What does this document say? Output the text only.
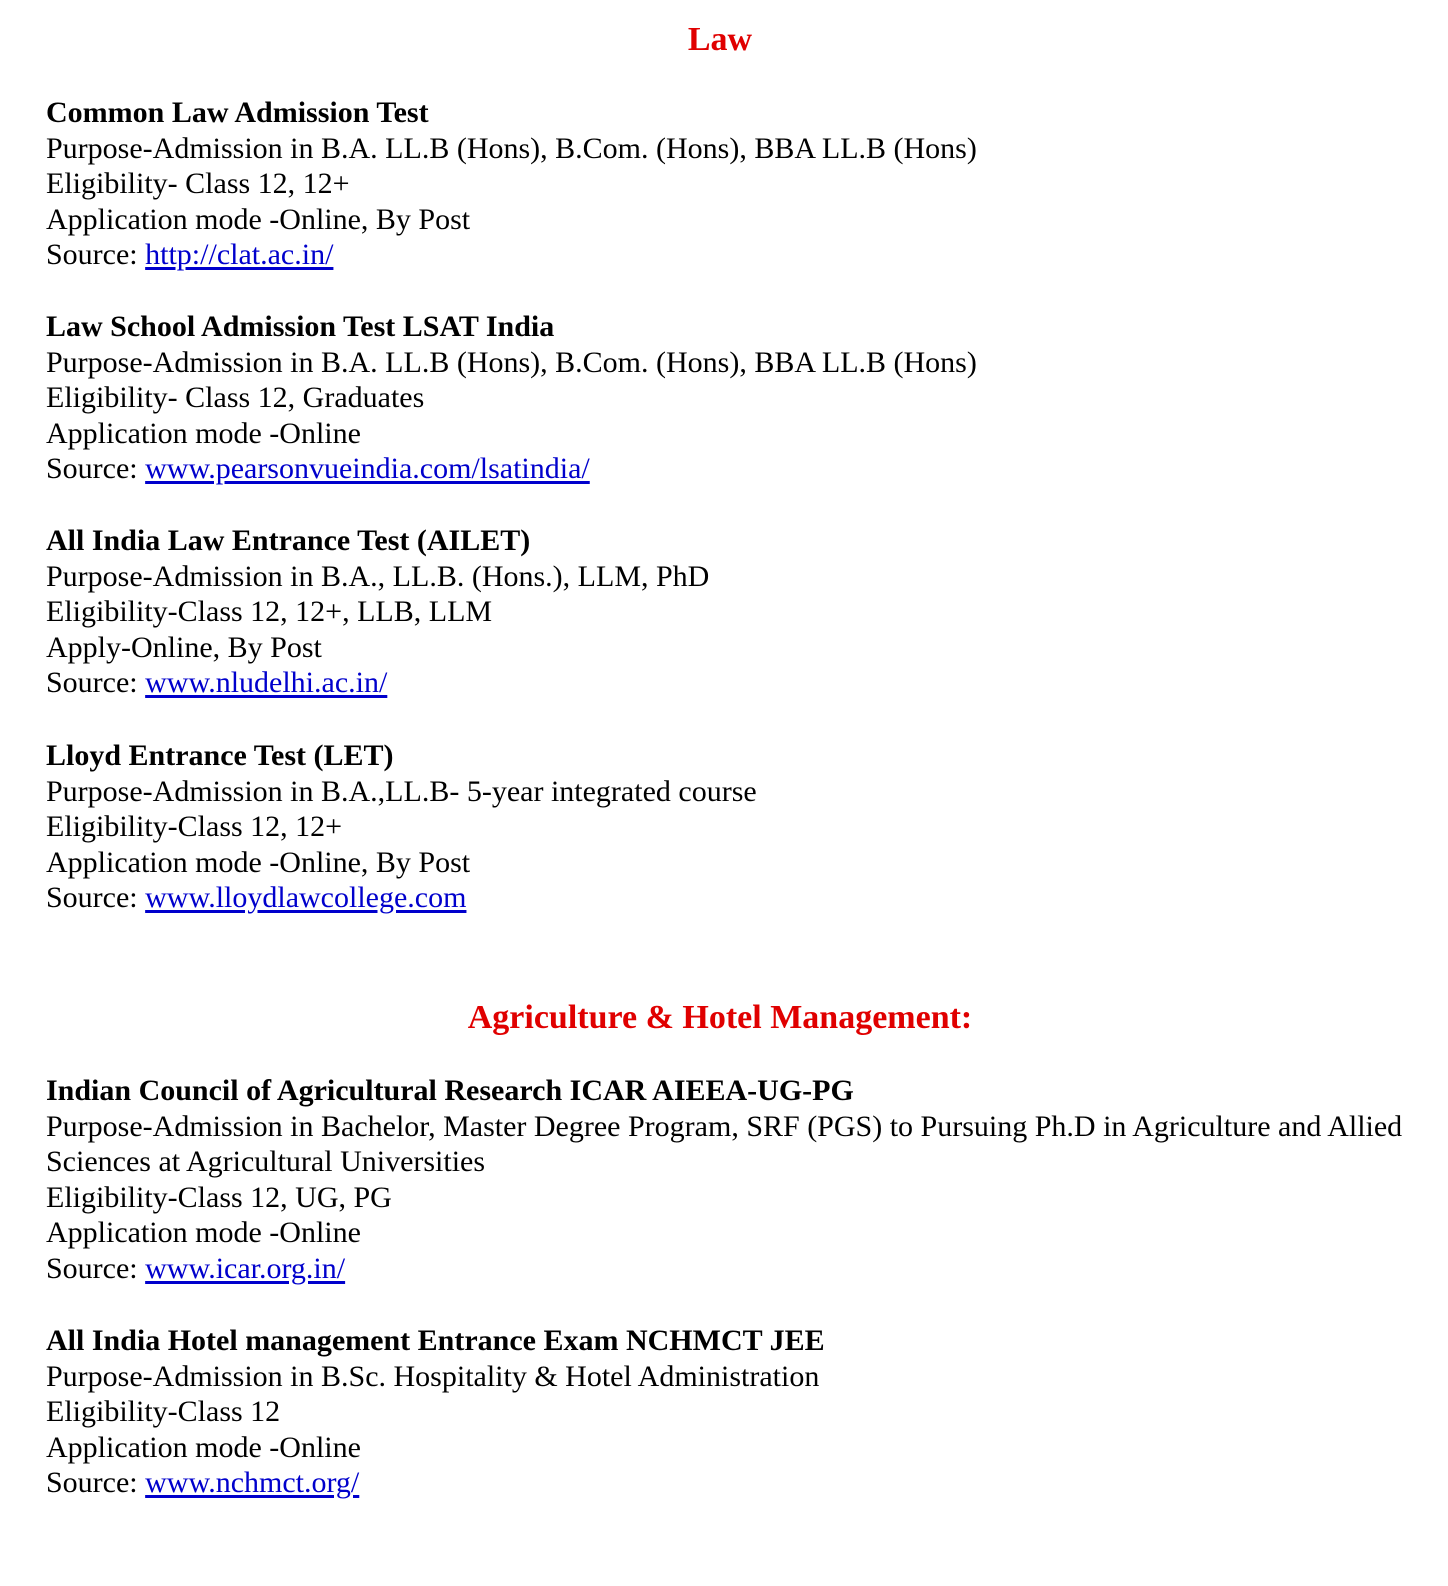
Law
Common Law Admission Test
Purpose-Admission in B.A. LL.B (Hons), B.Com. (Hons), BBA LL.B (Hons)
Eligibility- Class 12, 12+
Application mode -Online, By Post
Source: http://clat.ac.in/
Law School Admission Test LSAT India
Purpose-Admission in B.A. LL.B (Hons), B.Com. (Hons), BBA LL.B (Hons)
Eligibility- Class 12, Graduates
Application mode -Online
Source: www.pearsonvueindia.com/lsatindia/
All India Law Entrance Test (AILET)
Purpose-Admission in B.A., LL.B. (Hons.), LLM, PhD
Eligibility-Class 12, 12+, LLB, LLM
Apply-Online, By Post
Source: www.nludelhi.ac.in/
Lloyd Entrance Test (LET)
Purpose-Admission in B.A.,LL.B- 5-year integrated course
Eligibility-Class 12, 12+
Application mode -Online, By Post
Source: www.lloydlawcollege.com
Agriculture & Hotel Management:
Indian Council of Agricultural Research ICAR AIEEA-UG-PG
Purpose-Admission in Bachelor, Master Degree Program, SRF (PGS) to Pursuing Ph.D in Agriculture and Allied Sciences at Agricultural Universities
Eligibility-Class 12, UG, PG
Application mode -Online
Source: www.icar.org.in/
All India Hotel management Entrance Exam NCHMCT JEE
Purpose-Admission in B.Sc. Hospitality & Hotel Administration
Eligibility-Class 12
Application mode -Online
Source: www.nchmct.org/
